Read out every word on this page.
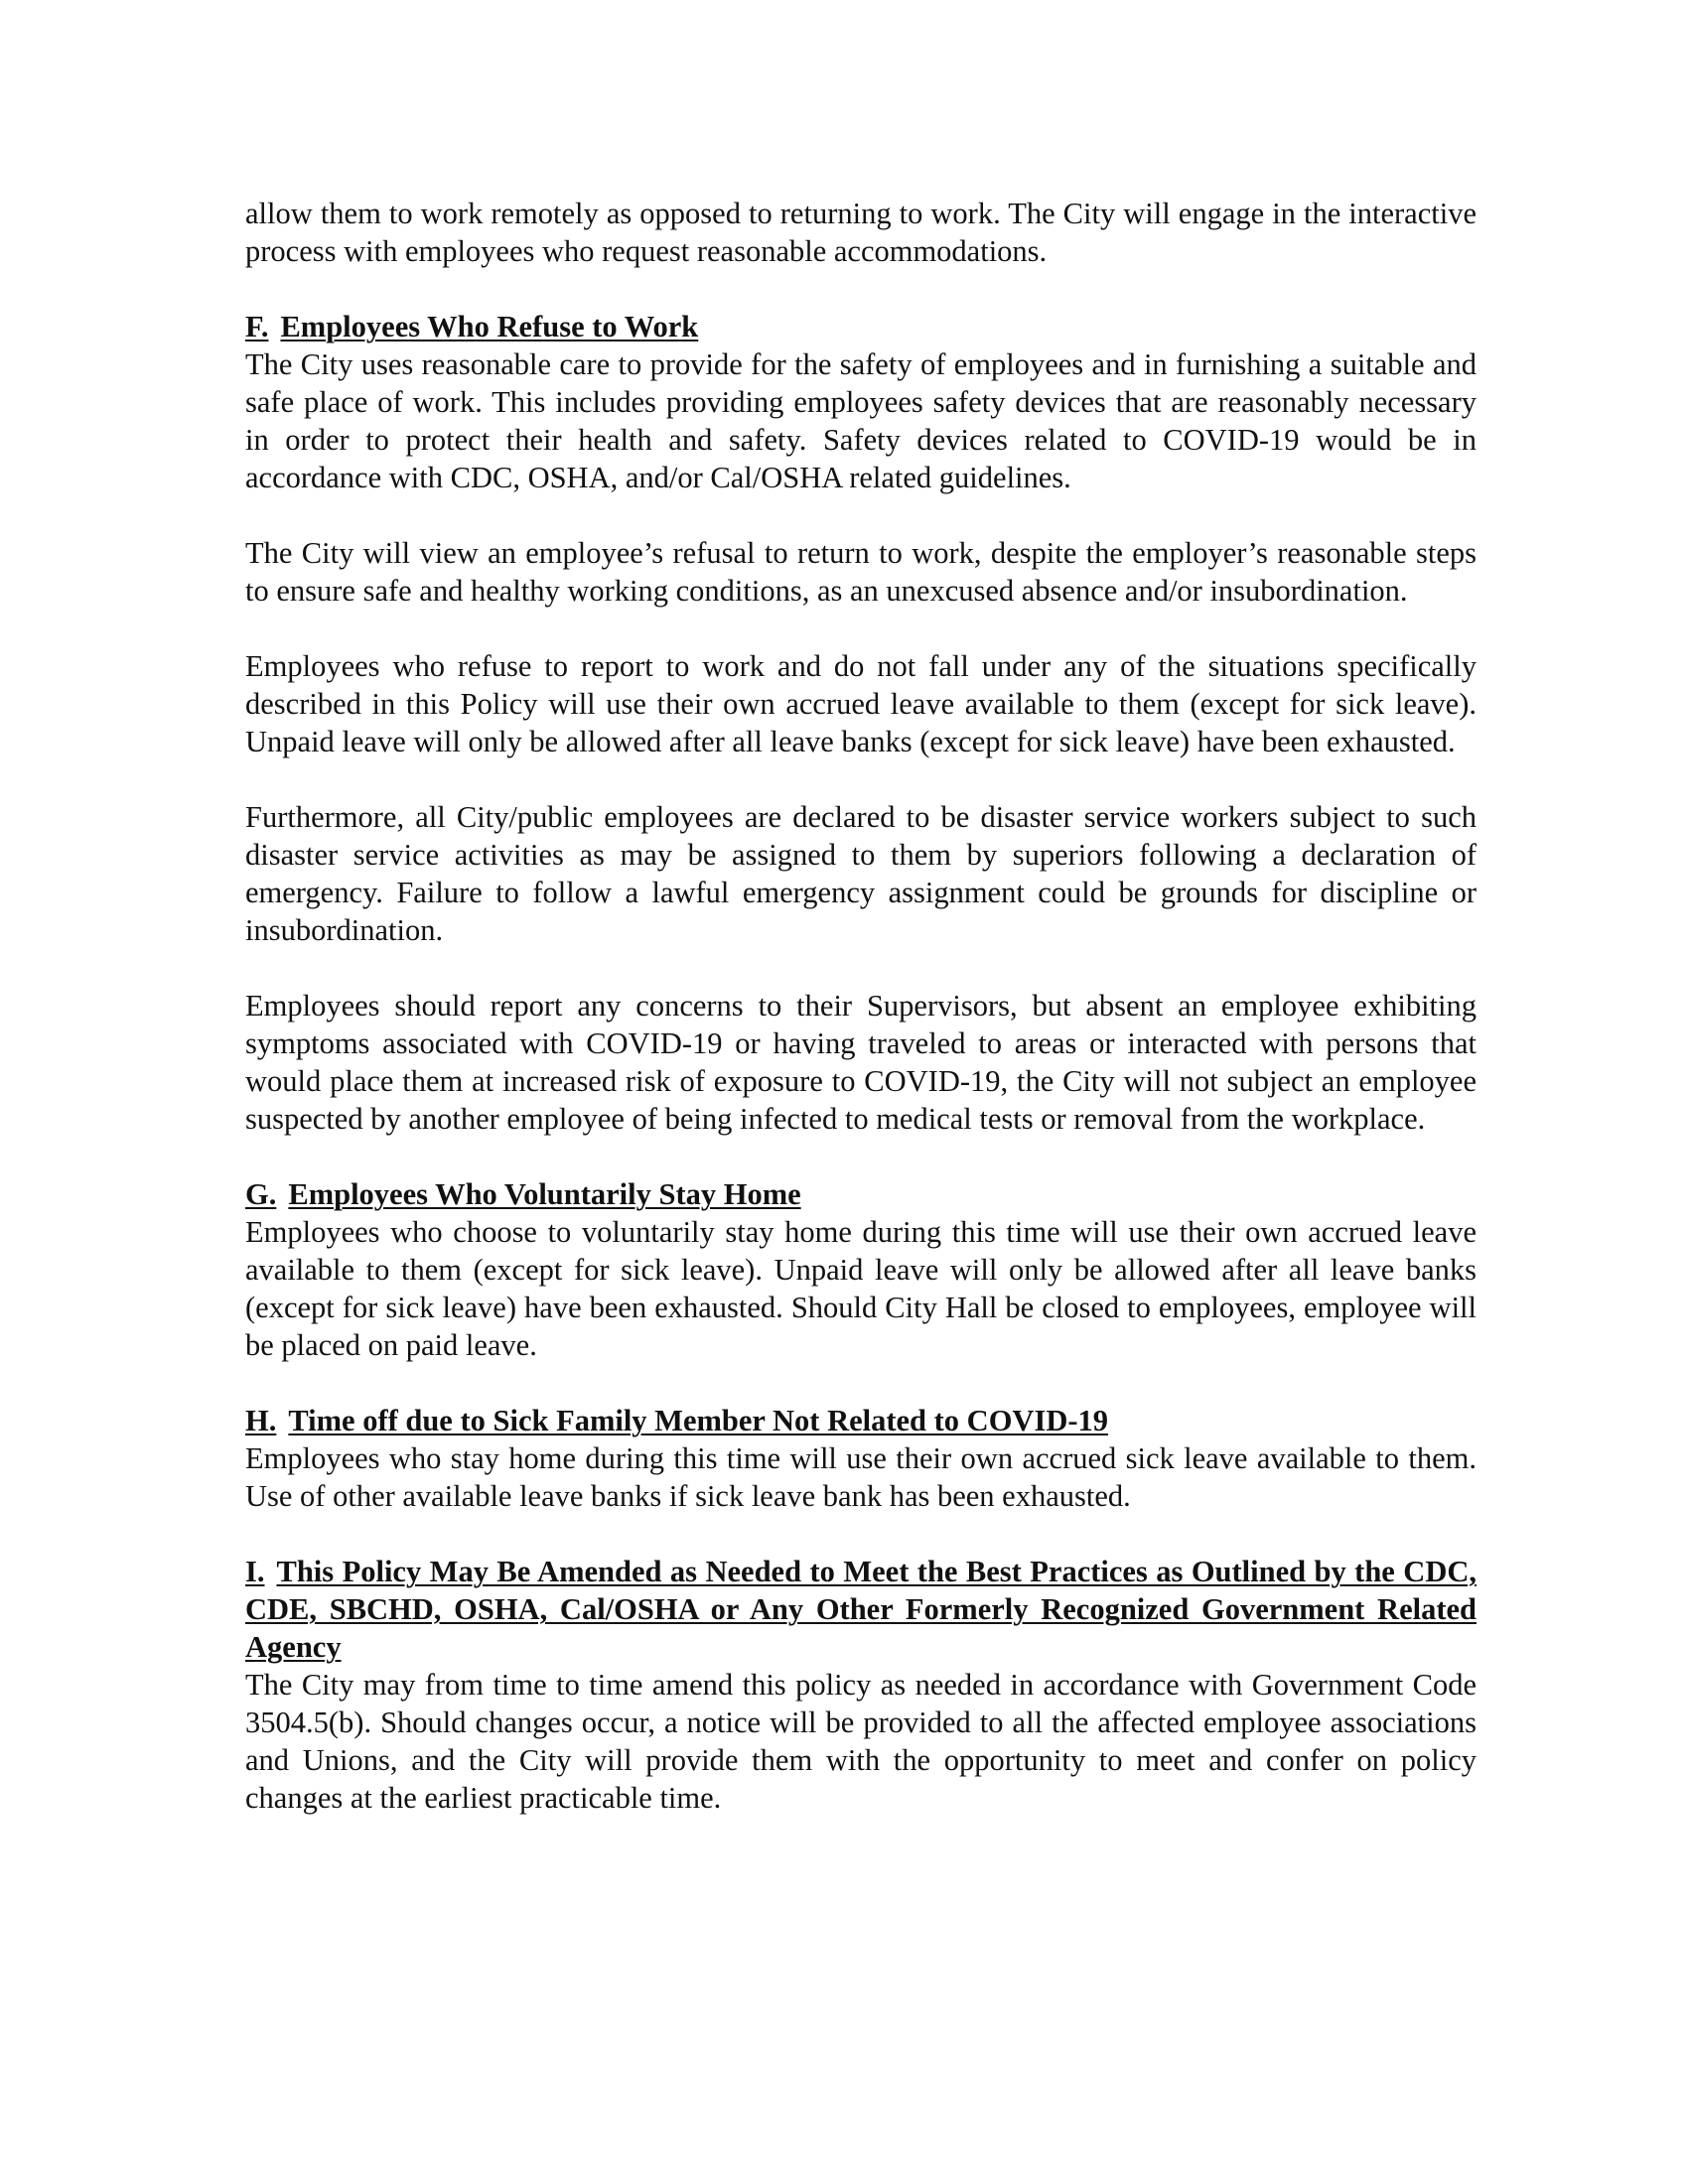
allow them to work remotely as opposed to returning to work. The City will engage in the interactive process with employees who request reasonable accommodations.

F. Employees Who Refuse to Work

The City uses reasonable care to provide for the safety of employees and in furnishing a suitable and safe place of work. This includes providing employees safety devices that are reasonably necessary in order to protect their health and safety. Safety devices related to COVID-19 would be in accordance with CDC, OSHA, and/or Cal/OSHA related guidelines.

The City will view an employee’s refusal to return to work, despite the employer’s reasonable steps to ensure safe and healthy working conditions, as an unexcused absence and/or insubordination.

Employees who refuse to report to work and do not fall under any of the situations specifically described in this Policy will use their own accrued leave available to them (except for sick leave). Unpaid leave will only be allowed after all leave banks (except for sick leave) have been exhausted.

Furthermore, all City/public employees are declared to be disaster service workers subject to such disaster service activities as may be assigned to them by superiors following a declaration of emergency. Failure to follow a lawful emergency assignment could be grounds for discipline or insubordination.

Employees should report any concerns to their Supervisors, but absent an employee exhibiting symptoms associated with COVID-19 or having traveled to areas or interacted with persons that would place them at increased risk of exposure to COVID-19, the City will not subject an employee suspected by another employee of being infected to medical tests or removal from the workplace.

G. Employees Who Voluntarily Stay Home

Employees who choose to voluntarily stay home during this time will use their own accrued leave available to them (except for sick leave). Unpaid leave will only be allowed after all leave banks (except for sick leave) have been exhausted. Should City Hall be closed to employees, employee will be placed on paid leave.

H. Time off due to Sick Family Member Not Related to COVID-19

Employees who stay home during this time will use their own accrued sick leave available to them. Use of other available leave banks if sick leave bank has been exhausted.

I. This Policy May Be Amended as Needed to Meet the Best Practices as Outlined by the CDC, CDE, SBCHD, OSHA, Cal/OSHA or Any Other Formerly Recognized Government Related Agency

The City may from time to time amend this policy as needed in accordance with Government Code 3504.5(b). Should changes occur, a notice will be provided to all the affected employee associations and Unions, and the City will provide them with the opportunity to meet and confer on policy changes at the earliest practicable time.
